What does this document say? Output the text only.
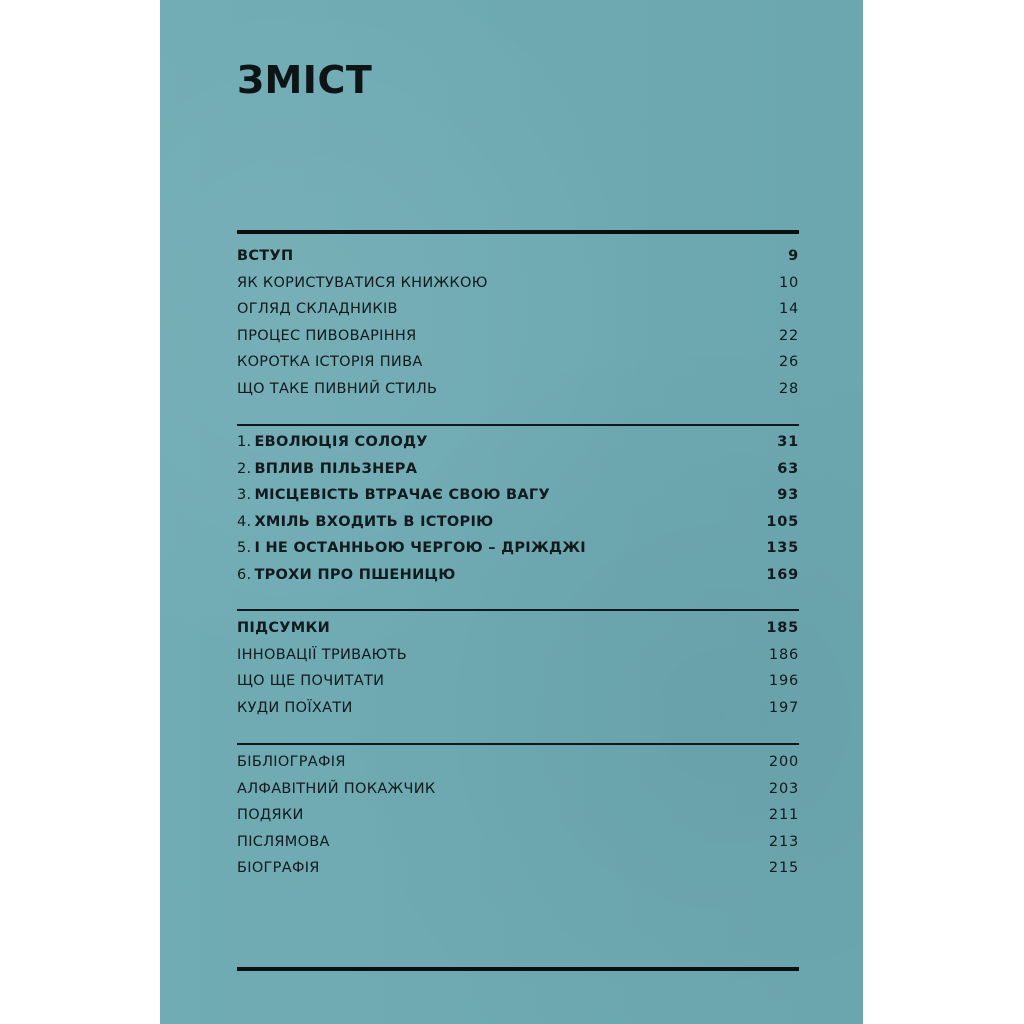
ЗМІСТ
ВСТУП	9
ЯК КОРИСТУВАТИСЯ КНИЖКОЮ	10
ОГЛЯД СКЛАДНИКІВ	14
ПРОЦЕС ПИВОВАРІННЯ	22
КОРОТКА ІСТОРІЯ ПИВА	26
ЩО ТАКЕ ПИВНИЙ СТИЛЬ	28
1. ЕВОЛЮЦІЯ СОЛОДУ	31
2. ВПЛИВ ПІЛЬЗНЕРА	63
3. МІСЦЕВІСТЬ ВТРАЧАЄ СВОЮ ВАГУ	93
4. ХМІЛЬ ВХОДИТЬ В ІСТОРІЮ	105
5. І НЕ ОСТАННЬОЮ ЧЕРГОЮ – ДРІЖДЖІ	135
6. ТРОХИ ПРО ПШЕНИЦЮ	169
ПІДСУМКИ	185
ІННОВАЦІЇ ТРИВАЮТЬ	186
ЩО ЩЕ ПОЧИТАТИ	196
КУДИ ПОЇХАТИ	197
БІБЛІОГРАФІЯ	200
АЛФАВІТНИЙ ПОКАЖЧИК	203
ПОДЯКИ	211
ПІСЛЯМОВА	213
БІОГРАФІЯ	215
